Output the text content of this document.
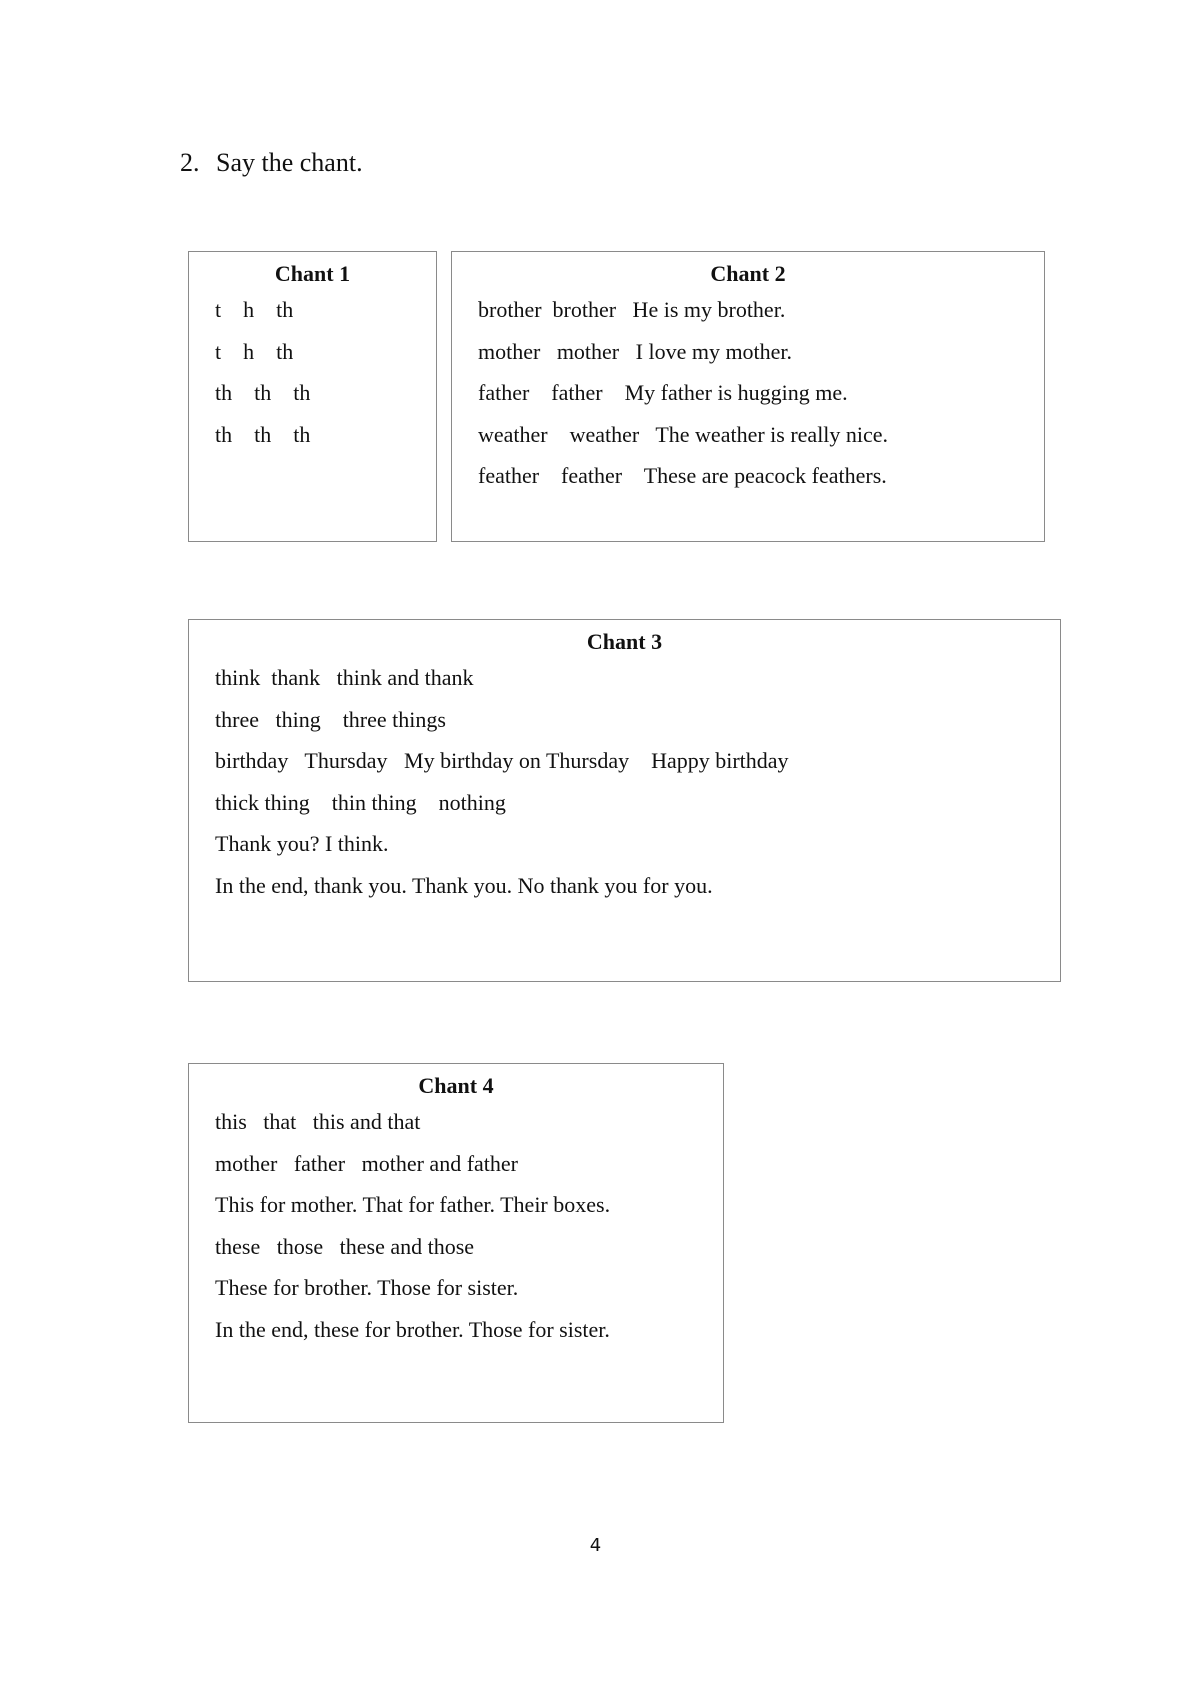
2. Say the chant.
Chant 1
t    h    th
t    h    th
th    th    th
th    th    th
Chant 2
brother  brother   He is my brother.
mother   mother   I love my mother.
father    father    My father is hugging me.
weather    weather   The weather is really nice.
feather    feather    These are peacock feathers.
Chant 3
think  thank   think and thank
three   thing    three things
birthday   Thursday   My birthday on Thursday    Happy birthday
thick thing    thin thing    nothing
Thank you? I think.
In the end, thank you. Thank you. No thank you for you.
Chant 4
this   that   this and that
mother   father   mother and father
This for mother. That for father. Their boxes.
these   those   these and those
These for brother. Those for sister.
In the end, these for brother. Those for sister.
4
